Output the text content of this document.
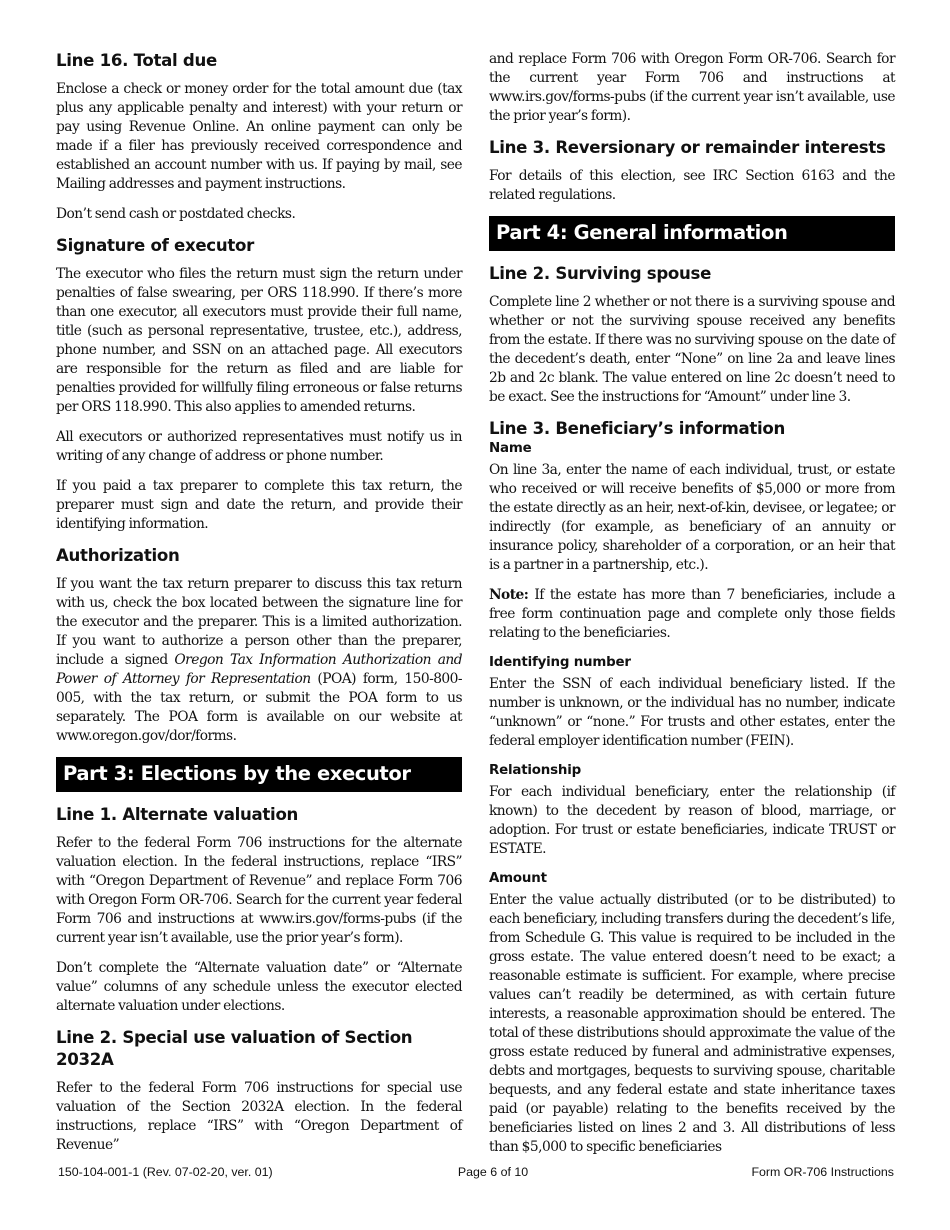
Line 16. Total due

Enclose a check or money order for the total amount due (tax plus any applicable penalty and interest) with your return or pay using Revenue Online. An online payment can only be made if a filer has previously received correspondence and established an account number with us. If paying by mail, see Mailing addresses and payment instructions.

Don’t send cash or postdated checks.

Signature of executor

The executor who files the return must sign the return under penalties of false swearing, per ORS 118.990. If there’s more than one executor, all executors must provide their full name, title (such as personal representative, trustee, etc.), address, phone number, and SSN on an attached page. All executors are responsible for the return as filed and are liable for penalties provided for willfully filing erroneous or false returns per ORS 118.990. This also applies to amended returns.

All executors or authorized representatives must notify us in writing of any change of address or phone number.

If you paid a tax preparer to complete this tax return, the preparer must sign and date the return, and provide their identifying information.

Authorization

If you want the tax return preparer to discuss this tax return with us, check the box located between the signature line for the executor and the preparer. This is a limited authorization. If you want to authorize a person other than the preparer, include a signed Oregon Tax Information Authorization and Power of Attorney for Representation (POA) form, 150-800-005, with the tax return, or submit the POA form to us separately. The POA form is available on our website at www.oregon.gov/dor/forms.

Part 3: Elections by the executor
Line 1. Alternate valuation

Refer to the federal Form 706 instructions for the alternate valuation election. In the federal instructions, replace “IRS” with “Oregon Department of Revenue” and replace Form 706 with Oregon Form OR-706. Search for the current year federal Form 706 and instructions at www.irs.gov/forms-pubs (if the current year isn’t available, use the prior year’s form).

Don’t complete the “Alternate valuation date” or “Alternate value” columns of any schedule unless the executor elected alternate valuation under elections.

Line 2. Special use valuation of Section 2032A

Refer to the federal Form 706 instructions for special use valuation of the Section 2032A election. In the federal instructions, replace “IRS” with “Oregon Department of Revenue”

and replace Form 706 with Oregon Form OR-706. Search for the current year Form 706 and instructions at www.irs.gov/forms-pubs (if the current year isn’t available, use the prior year’s form).

Line 3. Reversionary or remainder interests

For details of this election, see IRC Section 6163 and the related regulations.

Part 4: General information
Line 2. Surviving spouse

Complete line 2 whether or not there is a surviving spouse and whether or not the surviving spouse received any benefits from the estate. If there was no surviving spouse on the date of the decedent’s death, enter “None” on line 2a and leave lines 2b and 2c blank. The value entered on line 2c doesn’t need to be exact. See the instructions for “Amount” under line 3.

Line 3. Beneficiary’s information
Name

On line 3a, enter the name of each individual, trust, or estate who received or will receive benefits of $5,000 or more from the estate directly as an heir, next-of-kin, devisee, or legatee; or indirectly (for example, as beneficiary of an annuity or insurance policy, shareholder of a corporation, or an heir that is a partner in a partnership, etc.).

Note: If the estate has more than 7 beneficiaries, include a free form continuation page and complete only those fields relating to the beneficiaries.

Identifying number

Enter the SSN of each individual beneficiary listed. If the number is unknown, or the individual has no number, indicate “unknown” or “none.” For trusts and other estates, enter the federal employer identification number (FEIN).

Relationship

For each individual beneficiary, enter the relationship (if known) to the decedent by reason of blood, marriage, or adoption. For trust or estate beneficiaries, indicate TRUST or ESTATE.

Amount

Enter the value actually distributed (or to be distributed) to each beneficiary, including transfers during the decedent’s life, from Schedule G. This value is required to be included in the gross estate. The value entered doesn’t need to be exact; a reasonable estimate is sufficient. For example, where precise values can’t readily be determined, as with certain future interests, a reasonable approximation should be entered. The total of these distributions should approximate the value of the gross estate reduced by funeral and administrative expenses, debts and mortgages, bequests to surviving spouse, charitable bequests, and any federal estate and state inheritance taxes paid (or payable) relating to the benefits received by the beneficiaries listed on lines 2 and 3. All distributions of less than $5,000 to specific beneficiaries

150-104-001-1 (Rev. 07-02-20, ver. 01)	Page 6 of 10	Form OR-706 Instructions
